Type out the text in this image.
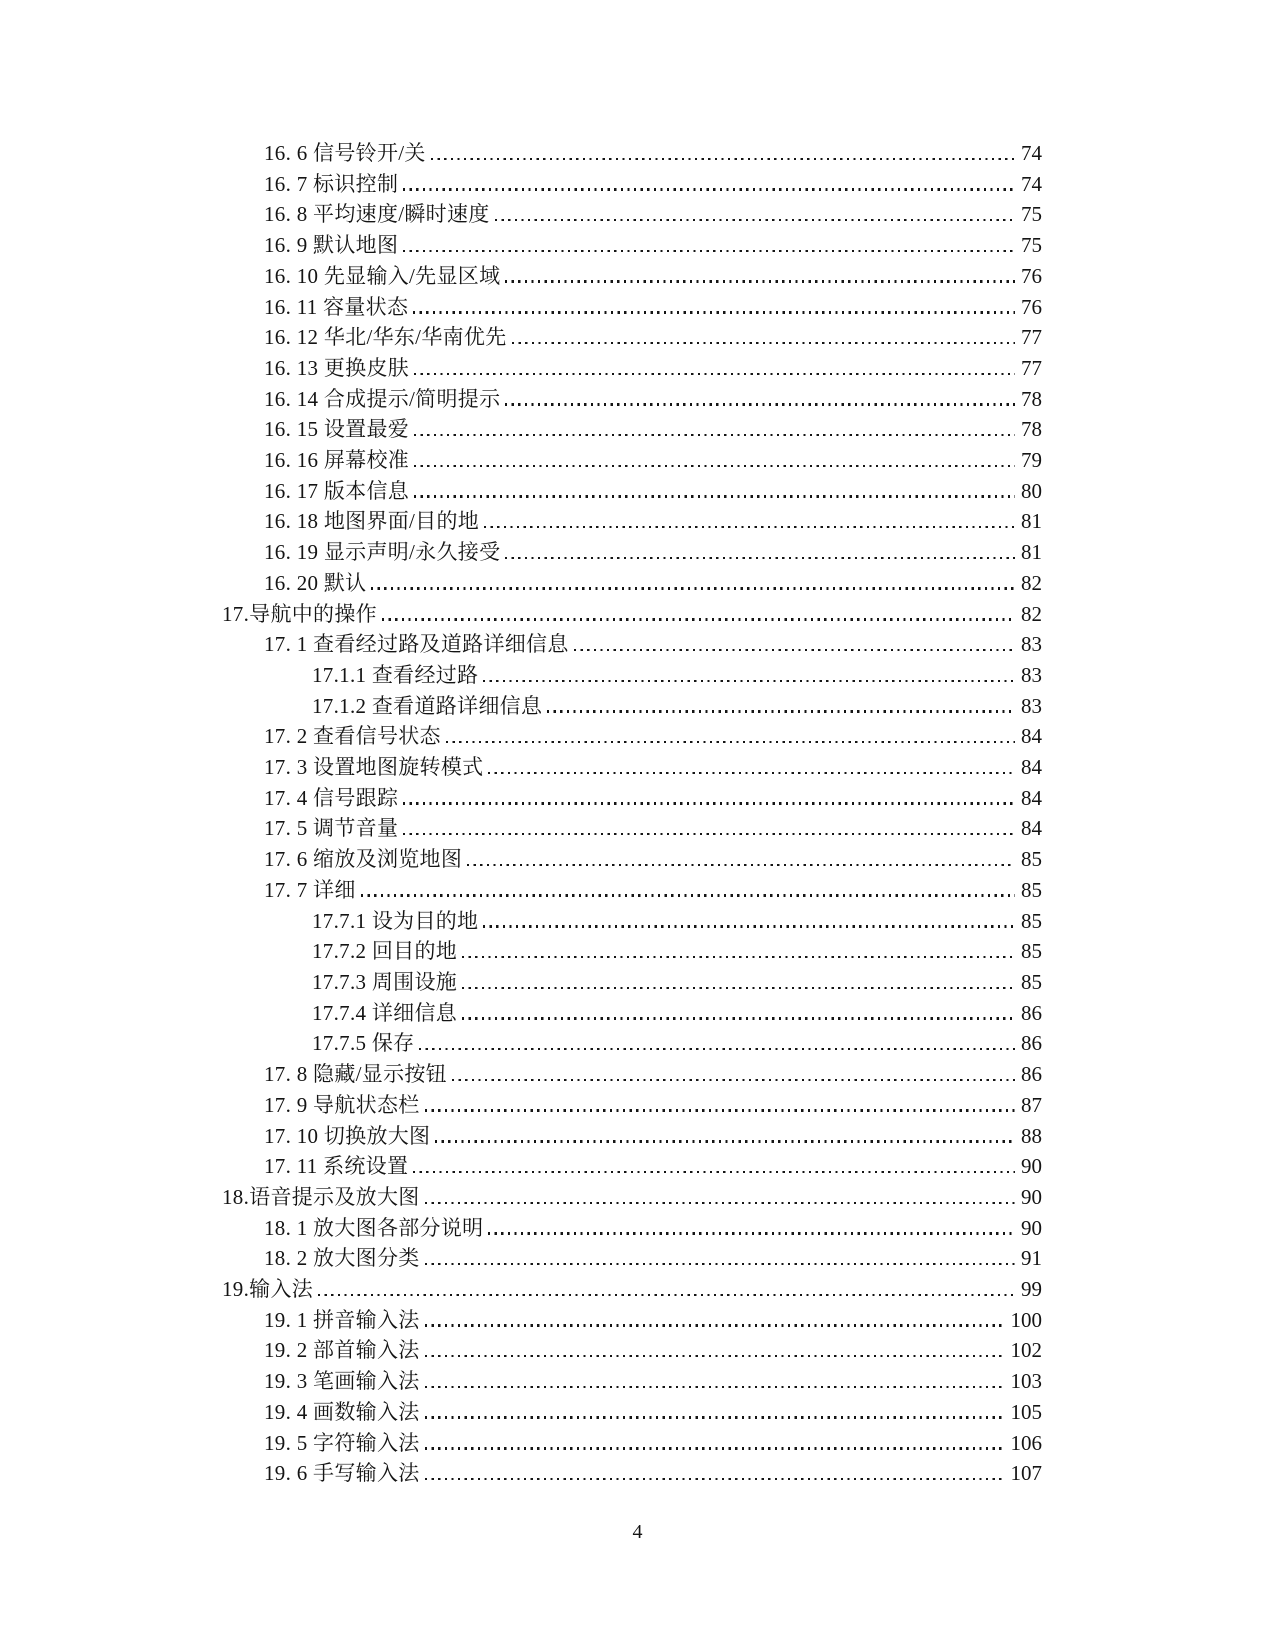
16. 6 信号铃开/关	74
16. 7 标识控制	74
16. 8 平均速度/瞬时速度	75
16. 9 默认地图	75
16. 10 先显输入/先显区域	76
16. 11 容量状态	76
16. 12 华北/华东/华南优先	77
16. 13 更换皮肤	77
16. 14 合成提示/简明提示	78
16. 15 设置最爱	78
16. 16 屏幕校准	79
16. 17 版本信息	80
16. 18 地图界面/目的地	81
16. 19 显示声明/永久接受	81
16. 20 默认	82
17.导航中的操作	82
17. 1 查看经过路及道路详细信息	83
17.1.1 查看经过路	83
17.1.2 查看道路详细信息	83
17. 2 查看信号状态	84
17. 3 设置地图旋转模式	84
17. 4 信号跟踪	84
17. 5 调节音量	84
17. 6 缩放及浏览地图	85
17. 7 详细	85
17.7.1 设为目的地	85
17.7.2 回目的地	85
17.7.3 周围设施	85
17.7.4 详细信息	86
17.7.5 保存	86
17. 8 隐藏/显示按钮	86
17. 9 导航状态栏	87
17. 10 切换放大图	88
17. 11 系统设置	90
18.语音提示及放大图	90
18. 1 放大图各部分说明	90
18. 2 放大图分类	91
19.输入法	99
19. 1 拼音输入法	100
19. 2 部首输入法	102
19. 3 笔画输入法	103
19. 4 画数输入法	105
19. 5 字符输入法	106
19. 6 手写输入法	107
4
